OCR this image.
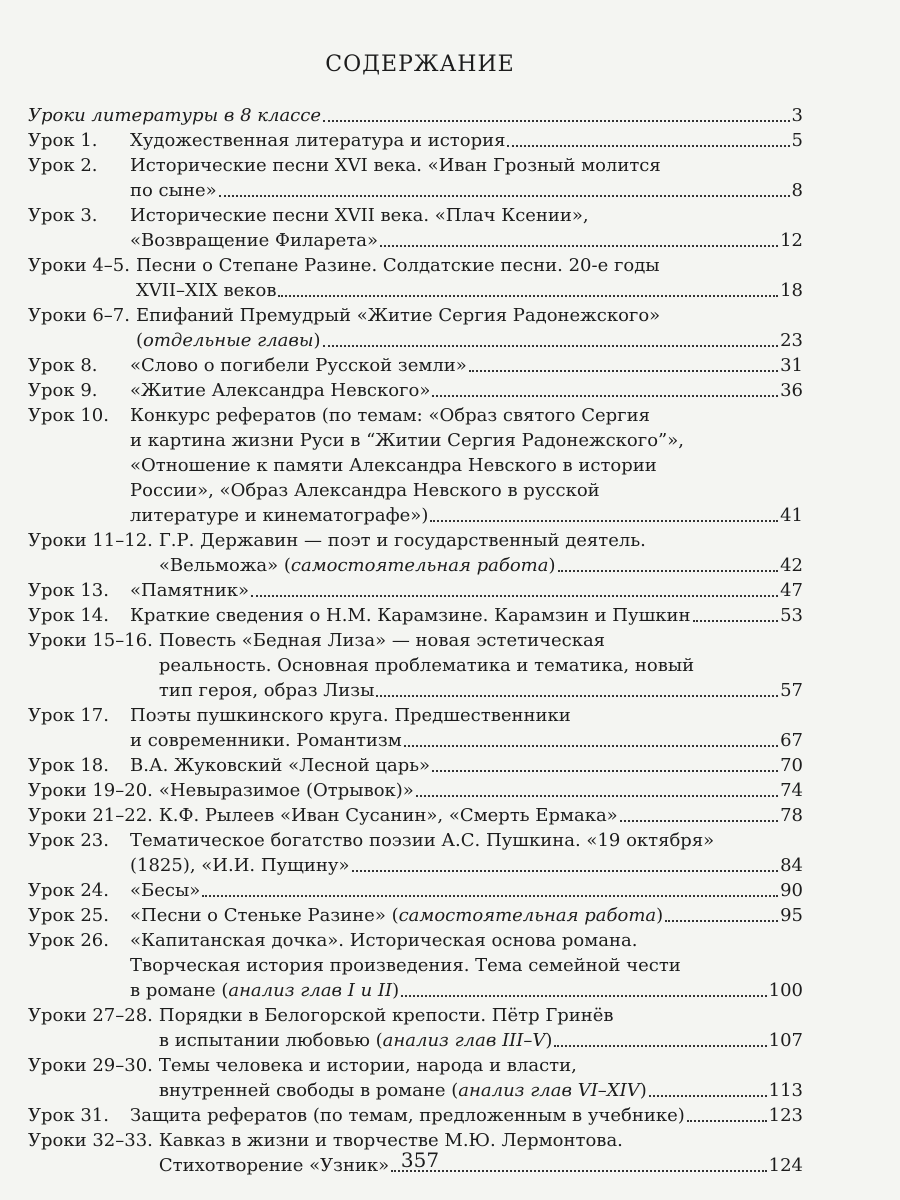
СОДЕРЖАНИЕ
Уроки литературы в 8 классе	3
Урок 1.	Художественная литература и история	5
Урок 2.	Исторические песни XVI века. «Иван Грозный молится
по сыне»	8
Урок 3.	Исторические песни XVII века. «Плач Ксении»,
«Возвращение Филарета»	12
Уроки 4–5. Песни о Степане Разине. Солдатские песни. 20-е годы
XVII–XIX веков	18
Уроки 6–7. Епифаний Премудрый «Житие Сергия Радонежского»
(отдельные главы)	23
Урок 8.	«Слово о погибели Русской земли»	31
Урок 9.	«Житие Александра Невского»	36
Урок 10.	Конкурс рефератов (по темам: «Образ святого Сергия
и картина жизни Руси в “Житии Сергия Радонежского”»,
«Отношение к памяти Александра Невского в истории
России», «Образ Александра Невского в русской
литературе и кинематографе»)	41
Уроки 11–12. Г.Р. Державин — поэт и государственный деятель.
«Вельможа» (самостоятельная работа)	42
Урок 13.	«Памятник»	47
Урок 14.	Краткие сведения о Н.М. Карамзине. Карамзин и Пушкин	53
Уроки 15–16. Повесть «Бедная Лиза» — новая эстетическая
реальность. Основная проблематика и тематика, новый
тип героя, образ Лизы	57
Урок 17.	Поэты пушкинского круга. Предшественники
и современники. Романтизм	67
Урок 18.	В.А. Жуковский «Лесной царь»	70
Уроки 19–20. «Невыразимое (Отрывок)»	74
Уроки 21–22. К.Ф. Рылеев «Иван Сусанин», «Смерть Ермака»	78
Урок 23.	Тематическое богатство поэзии А.С. Пушкина. «19 октября»
(1825), «И.И. Пущину»	84
Урок 24.	«Бесы»	90
Урок 25.	«Песни о Стеньке Разине» (самостоятельная работа)	95
Урок 26.	«Капитанская дочка». Историческая основа романа.
Творческая история произведения. Тема семейной чести
в романе (анализ глав I и II)	100
Уроки 27–28. Порядки в Белогорской крепости. Пётр Гринёв
в испытании любовью (анализ глав III–V)	107
Уроки 29–30. Темы человека и истории, народа и власти,
внутренней свободы в романе (анализ глав VI–XIV)	113
Урок 31.	Защита рефератов (по темам, предложенным в учебнике)	123
Уроки 32–33. Кавказ в жизни и творчестве М.Ю. Лермонтова.
Стихотворение «Узник»	124
357
